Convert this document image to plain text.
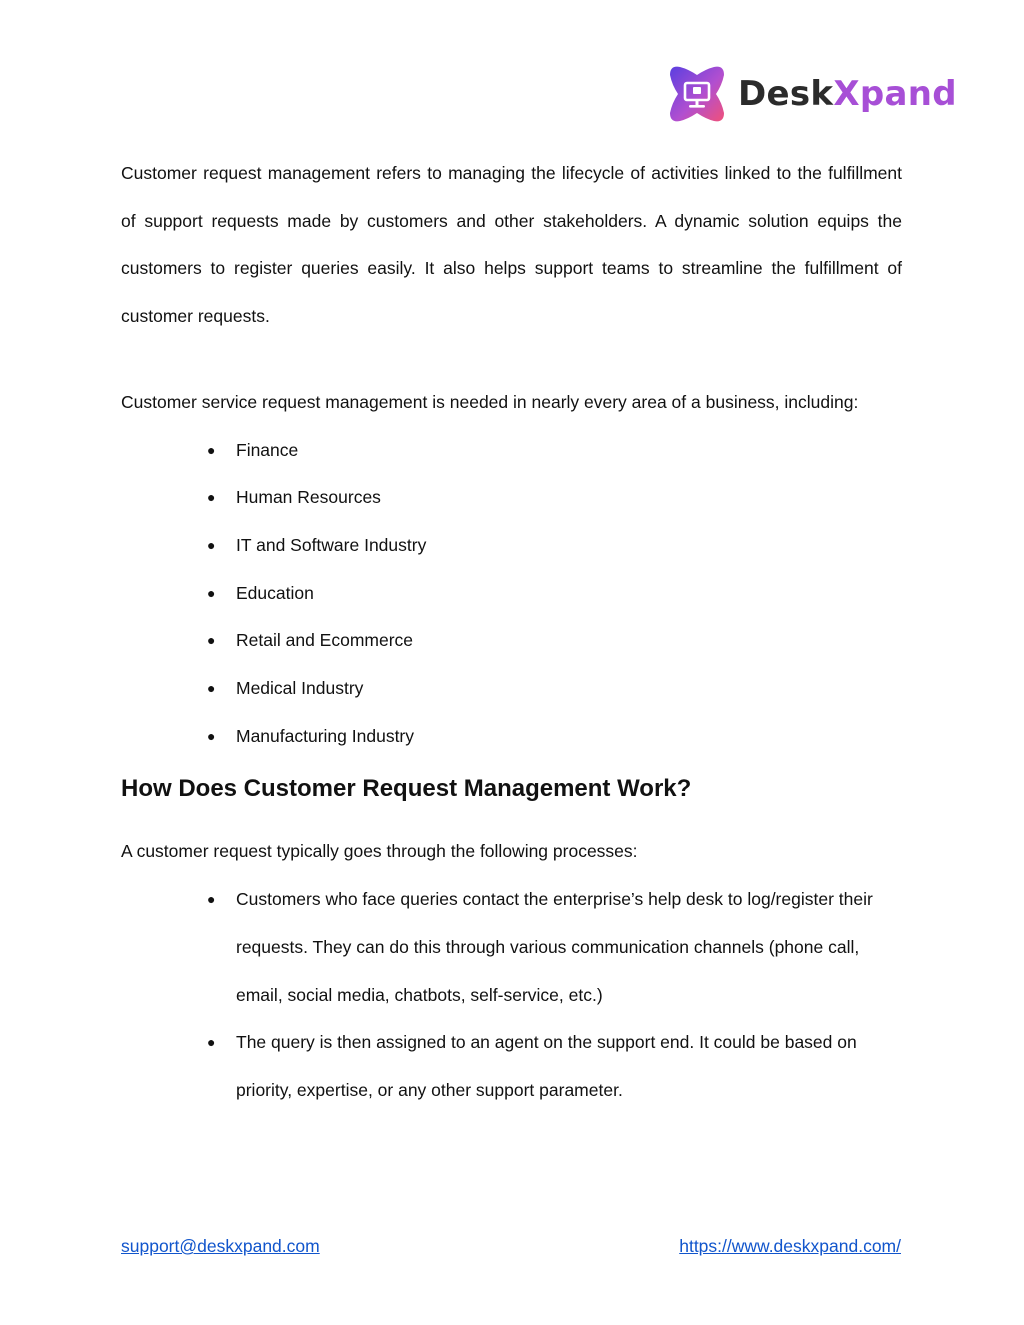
DeskXpand

Customer request management refers to managing the lifecycle of activities linked to the fulfillment of support requests made by customers and other stakeholders. A dynamic solution equips the customers to register queries easily. It also helps support teams to streamline the fulfillment of customer requests.

Customer service request management is needed in nearly every area of a business, including:

● Finance
● Human Resources
● IT and Software Industry
● Education
● Retail and Ecommerce
● Medical Industry
● Manufacturing Industry
How Does Customer Request Management Work?

A customer request typically goes through the following processes:

● Customers who face queries contact the enterprise’s help desk to log/register their requests. They can do this through various communication channels (phone call, email, social media, chatbots, self-service, etc.)
● The query is then assigned to an agent on the support end. It could be based on priority, expertise, or any other support parameter.
support@deskxpand.com	https://www.deskxpand.com/
